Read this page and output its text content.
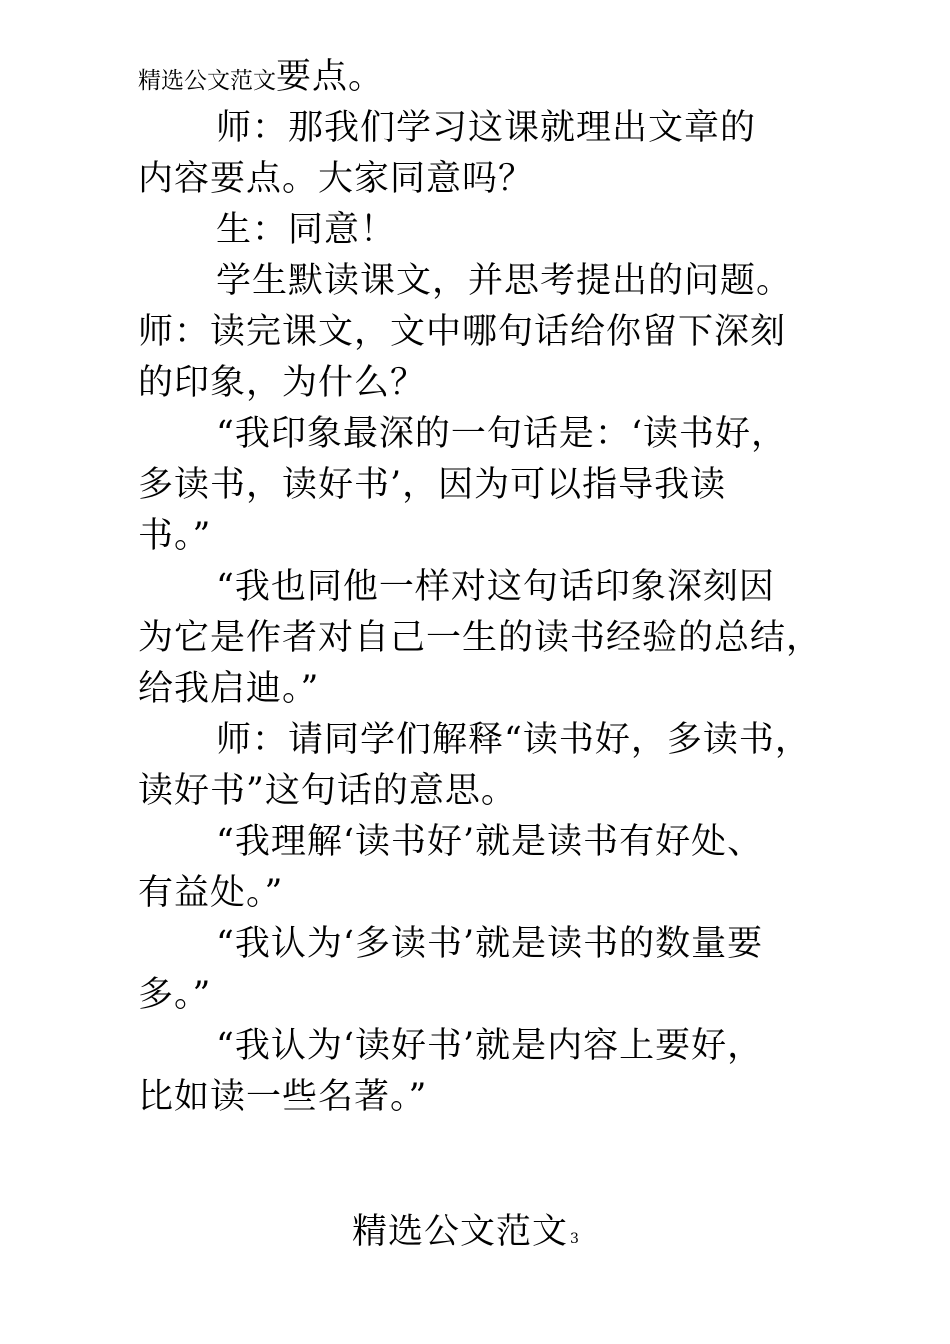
精选公文范文要点。
师：那我们学习这课就理出文章的
内容要点。大家同意吗？
生：同意！
学生默读课文，并思考提出的问题。
师：读完课文，文中哪句话给你留下深刻
的印象，为什么？
“我印象最深的一句话是：‘读书好，
多读书，读好书’，因为可以指导我读
书。”
“我也同他一样对这句话印象深刻因
为它是作者对自己一生的读书经验的总结，
给我启迪。”
师：请同学们解释“读书好，多读书，
读好书”这句话的意思。
“我理解‘读书好’就是读书有好处、
有益处。”
“我认为‘多读书’就是读书的数量要
多。”
“我认为‘读好书’就是内容上要好，
比如读一些名著。”
精选公文范文 3
